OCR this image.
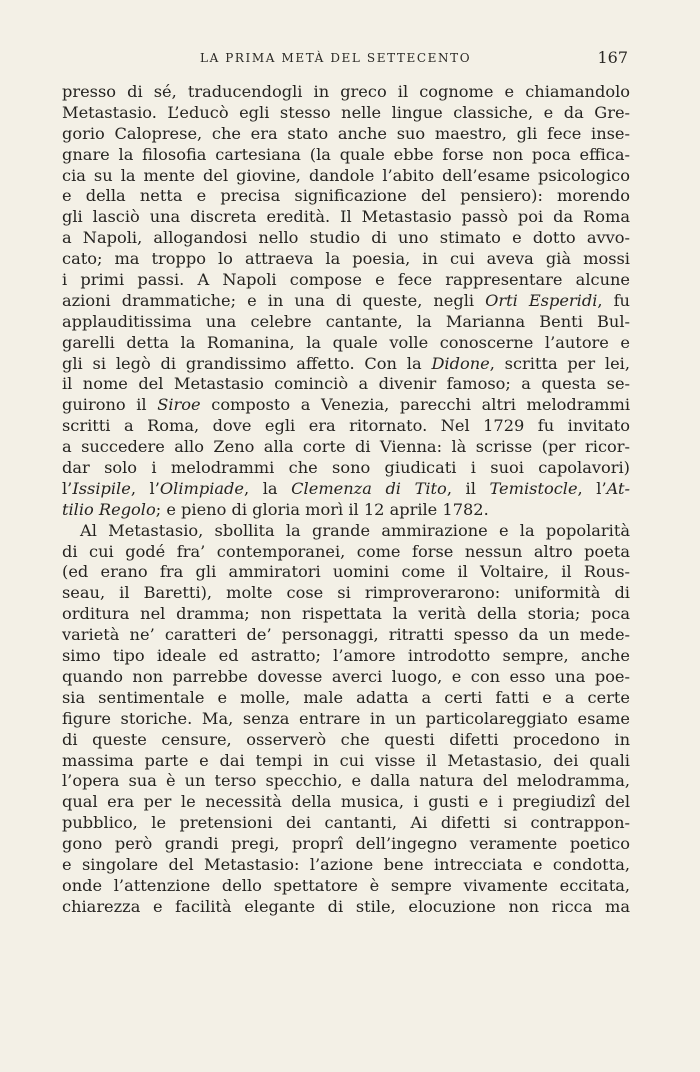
LA PRIMA METÀ DEL SETTECENTO	167
presso di sé, traducendogli in greco il cognome e chiamandolo
Metastasio. L’educò egli stesso nelle lingue classiche, e da Gre-
gorio Caloprese, che era stato anche suo maestro, gli fece inse-
gnare la filosofia cartesiana (la quale ebbe forse non poca effica-
cia su la mente del giovine, dandole l’abito dell’esame psicologico
e della netta e precisa significazione del pensiero): morendo
gli lasciò una discreta eredità. Il Metastasio passò poi da Roma
a Napoli, allogandosi nello studio di uno stimato e dotto avvo-
cato; ma troppo lo attraeva la poesia, in cui aveva già mossi
i primi passi. A Napoli compose e fece rappresentare alcune
azioni drammatiche; e in una di queste, negli Orti Esperidi, fu
applauditissima una celebre cantante, la Marianna Benti Bul-
garelli detta la Romanina, la quale volle conoscerne l’autore e
gli si legò di grandissimo affetto. Con la Didone, scritta per lei,
il nome del Metastasio cominciò a divenir famoso; a questa se-
guirono il Siroe composto a Venezia, parecchi altri melodrammi
scritti a Roma, dove egli era ritornato. Nel 1729 fu invitato
a succedere allo Zeno alla corte di Vienna: là scrisse (per ricor-
dar solo i melodrammi che sono giudicati i suoi capolavori)
l’Issipile, l’Olimpiade, la Clemenza di Tito, il Temistocle, l’At-
tilio Regolo; e pieno di gloria morì il 12 aprile 1782.
Al Metastasio, sbollita la grande ammirazione e la popolarità
di cui godé fra’ contemporanei, come forse nessun altro poeta
(ed erano fra gli ammiratori uomini come il Voltaire, il Rous-
seau, il Baretti), molte cose si rimproverarono: uniformità di
orditura nel dramma; non rispettata la verità della storia; poca
varietà ne’ caratteri de’ personaggi, ritratti spesso da un mede-
simo tipo ideale ed astratto; l’amore introdotto sempre, anche
quando non parrebbe dovesse averci luogo, e con esso una poe-
sia sentimentale e molle, male adatta a certi fatti e a certe
figure storiche. Ma, senza entrare in un particolareggiato esame
di queste censure, osserverò che questi difetti procedono in
massima parte e dai tempi in cui visse il Metastasio, dei quali
l’opera sua è un terso specchio, e dalla natura del melodramma,
qual era per le necessità della musica, i gusti e i pregiudizî del
pubblico, le pretensioni dei cantanti, Ai difetti si contrappon-
gono però grandi pregi, proprî dell’ingegno veramente poetico
e singolare del Metastasio: l’azione bene intrecciata e condotta,
onde l’attenzione dello spettatore è sempre vivamente eccitata,
chiarezza e facilità elegante di stile, elocuzione non ricca ma
